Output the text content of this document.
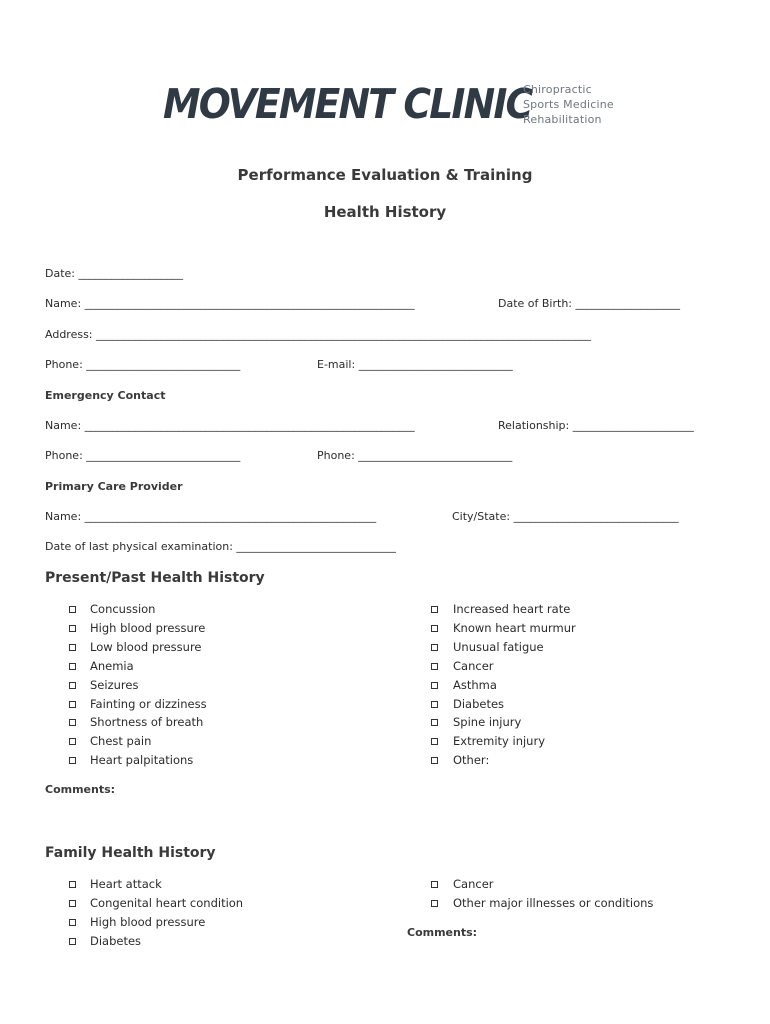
MOVEMENT CLINIC
Chiropractic
Sports Medicine
Rehabilitation
Performance Evaluation & Training
Health History
Date: ___________________
Name: ____________________________________________________________	Date of Birth: ___________________
Address: __________________________________________________________________________________________
Phone: ____________________________	E-mail: ____________________________
Emergency Contact
Name: ____________________________________________________________	Relationship: ______________________
Phone: ____________________________	Phone: ____________________________
Primary Care Provider
Name: _____________________________________________________	City/State: ______________________________
Date of last physical examination: _____________________________
Present/Past Health History
Concussion
High blood pressure
Low blood pressure
Anemia
Seizures
Fainting or dizziness
Shortness of breath
Chest pain
Heart palpitations
Increased heart rate
Known heart murmur
Unusual fatigue
Cancer
Asthma
Diabetes
Spine injury
Extremity injury
Other:
Comments:
Family Health History
Heart attack
Congenital heart condition
High blood pressure
Diabetes
Cancer
Other major illnesses or conditions
Comments:
